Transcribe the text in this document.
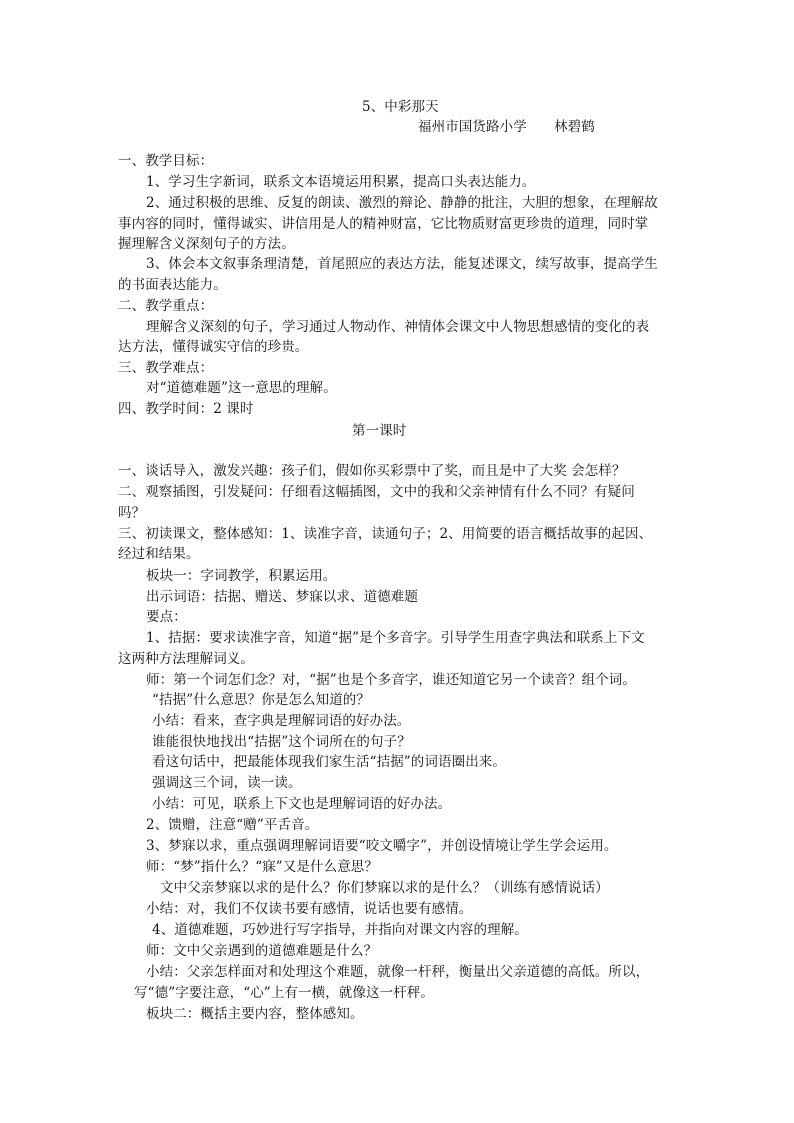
5、中彩那天
福州市国货路小学　　林碧鹤
一、教学目标：
1、学习生字新词，联系文本语境运用积累，提高口头表达能力。
2、通过积极的思维、反复的朗读、激烈的辩论、静静的批注，大胆的想象，在理解故
事内容的同时，懂得诚实、讲信用是人的精神财富，它比物质财富更珍贵的道理，同时掌
握理解含义深刻句子的方法。
3、体会本文叙事条理清楚，首尾照应的表达方法，能复述课文，续写故事，提高学生
的书面表达能力。
二、教学重点：
理解含义深刻的句子，学习通过人物动作、神情体会课文中人物思想感情的变化的表
达方法，懂得诚实守信的珍贵。
三、教学难点：
对“道德难题”这一意思的理解。
四、教学时间：2 课时
第一课时
一、谈话导入，激发兴趣：孩子们，假如你买彩票中了奖，而且是中了大奖 会怎样？
二、观察插图，引发疑问：仔细看这幅插图，文中的我和父亲神情有什么不同？有疑问
吗？
三、初读课文，整体感知：1、读准字音，读通句子；2、用简要的语言概括故事的起因、
经过和结果。
板块一：字词教学，积累运用。
出示词语：拮据、赠送、梦寐以求、道德难题
要点：
1、拮据：要求读准字音，知道“据”是个多音字。引导学生用查字典法和联系上下文
这两种方法理解词义。
师：第一个词怎们念？对，“据”也是个多音字，谁还知道它另一个读音？组个词。
“拮据”什么意思？你是怎么知道的？
小结：看来，查字典是理解词语的好办法。
谁能很快地找出“拮据”这个词所在的句子？
看这句话中，把最能体现我们家生活“拮据”的词语圈出来。
强调这三个词，读一读。
小结：可见，联系上下文也是理解词语的好办法。
2、馈赠，注意“赠”平舌音。
3、梦寐以求，重点强调理解词语要“咬文嚼字”，并创设情境让学生学会运用。
师：“梦”指什么？“寐”又是什么意思？
文中父亲梦寐以求的是什么？你们梦寐以求的是什么？（训练有感情说话）
小结：对，我们不仅读书要有感情，说话也要有感情。
4、道德难题，巧妙进行写字指导，并指向对课文内容的理解。
师：文中父亲遇到的道德难题是什么？
小结：父亲怎样面对和处理这个难题，就像一杆秤，衡量出父亲道德的高低。所以，
写“德”字要注意，“心”上有一横，就像这一杆秤。
板块二：概括主要内容，整体感知。
